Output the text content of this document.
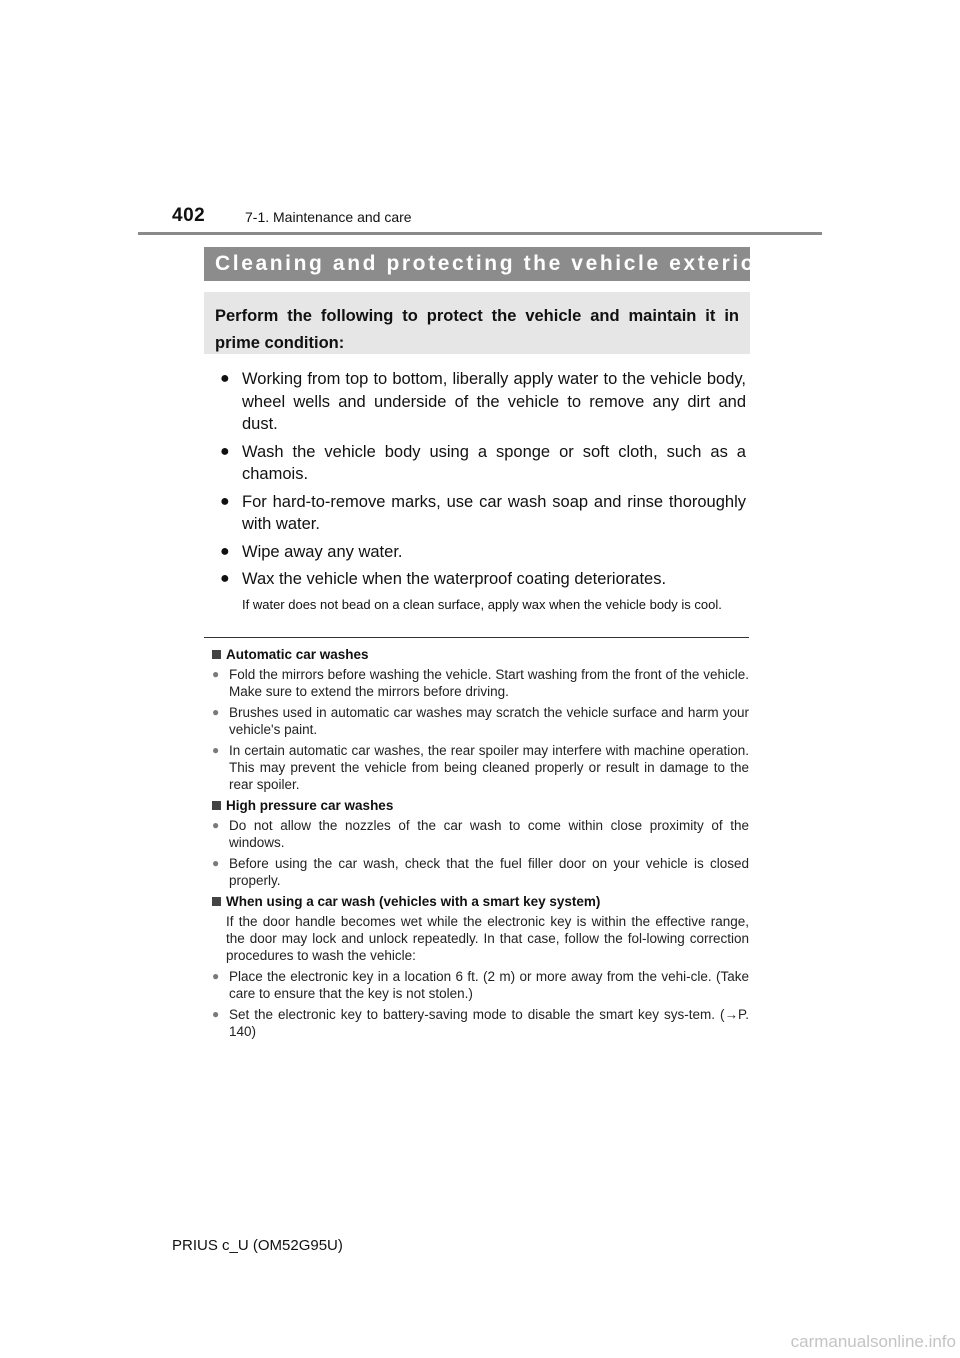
402	7-1. Maintenance and care
Cleaning and protecting the vehicle exterior
Perform the following to protect the vehicle and maintain it in prime condition:
● Working from top to bottom, liberally apply water to the vehicle body, wheel wells and underside of the vehicle to remove any dirt and dust.
● Wash the vehicle body using a sponge or soft cloth, such as a chamois.
● For hard-to-remove marks, use car wash soap and rinse thoroughly with water.
● Wipe away any water.
● Wax the vehicle when the waterproof coating deteriorates.
If water does not bead on a clean surface, apply wax when the vehicle body is cool.
Automatic car washes
● Fold the mirrors before washing the vehicle. Start washing from the front of the vehicle. Make sure to extend the mirrors before driving.
● Brushes used in automatic car washes may scratch the vehicle surface and harm your vehicle's paint.
● In certain automatic car washes, the rear spoiler may interfere with machine operation. This may prevent the vehicle from being cleaned properly or result in damage to the rear spoiler.
High pressure car washes
● Do not allow the nozzles of the car wash to come within close proximity of the windows.
● Before using the car wash, check that the fuel filler door on your vehicle is closed properly.
When using a car wash (vehicles with a smart key system)

If the door handle becomes wet while the electronic key is within the effective range, the door may lock and unlock repeatedly. In that case, follow the fol-lowing correction procedures to wash the vehicle:

● Place the electronic key in a location 6 ft. (2 m) or more away from the vehi-cle. (Take care to ensure that the key is not stolen.)
● Set the electronic key to battery-saving mode to disable the smart key sys-tem. (→P. 140)
PRIUS c_U (OM52G95U)
carmanualsonline.info
